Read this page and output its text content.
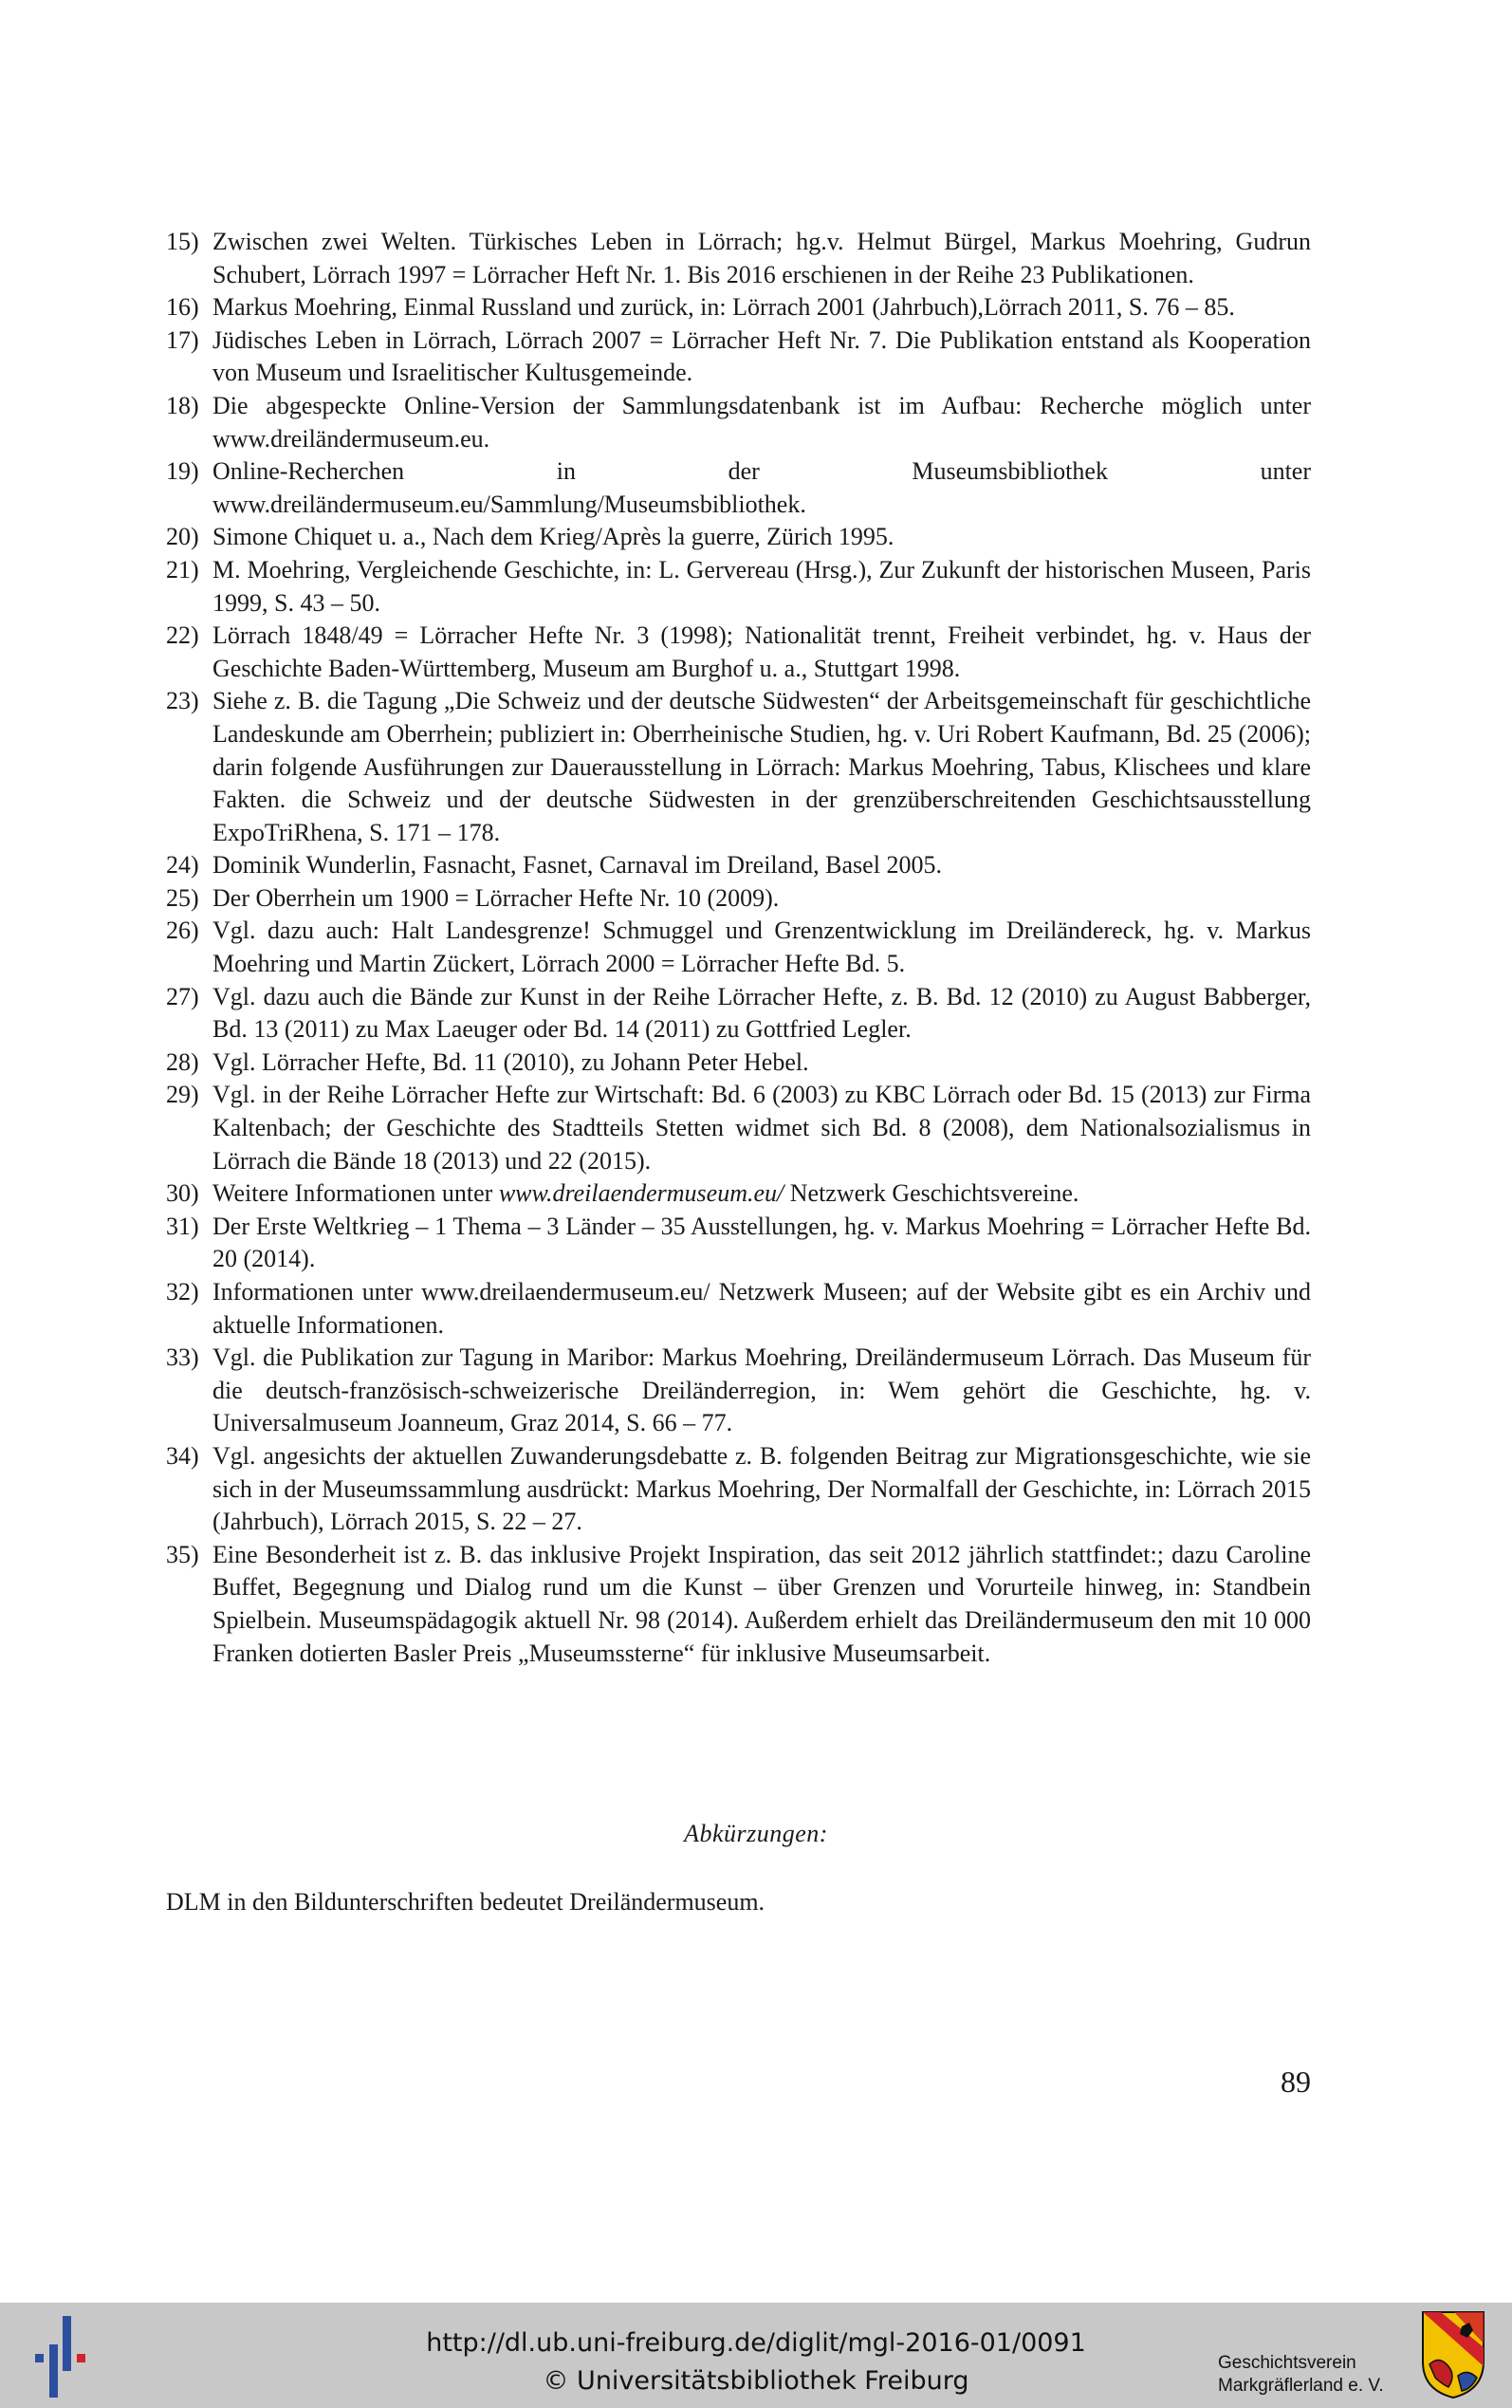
15) Zwischen zwei Welten. Türkisches Leben in Lörrach; hg.v. Helmut Bürgel, Markus Moehring, Gudrun Schubert, Lörrach 1997 = Lörracher Heft Nr. 1. Bis 2016 erschienen in der Reihe 23 Publikationen.
16) Markus Moehring, Einmal Russland und zurück, in: Lörrach 2001 (Jahrbuch),Lörrach 2011, S. 76 – 85.
17) Jüdisches Leben in Lörrach, Lörrach 2007 = Lörracher Heft Nr. 7. Die Publikation entstand als Kooperation von Museum und Israelitischer Kultusgemeinde.
18) Die abgespeckte Online-Version der Sammlungsdatenbank ist im Aufbau: Recherche möglich unter www.dreiländermuseum.eu.
19) Online-Recherchen in der Museumsbibliothek unter www.dreiländermuseum.eu/Sammlung/Museumsbibliothek.
20) Simone Chiquet u. a., Nach dem Krieg/Après la guerre, Zürich 1995.
21) M. Moehring, Vergleichende Geschichte, in: L. Gervereau (Hrsg.), Zur Zukunft der historischen Museen, Paris 1999, S. 43 – 50.
22) Lörrach 1848/49 = Lörracher Hefte Nr. 3 (1998); Nationalität trennt, Freiheit verbindet, hg. v. Haus der Geschichte Baden-Württemberg, Museum am Burghof u. a., Stuttgart 1998.
23) Siehe z. B. die Tagung „Die Schweiz und der deutsche Südwesten“ der Arbeitsgemeinschaft für geschichtliche Landeskunde am Oberrhein; publiziert in: Oberrheinische Studien, hg. v. Uri Robert Kaufmann, Bd. 25 (2006); darin folgende Ausführungen zur Dauerausstellung in Lörrach: Markus Moehring, Tabus, Klischees und klare Fakten. die Schweiz und der deutsche Südwesten in der grenzüberschreitenden Geschichtsausstellung ExpoTriRhena, S. 171 – 178.
24) Dominik Wunderlin, Fasnacht, Fasnet, Carnaval im Dreiland, Basel 2005.
25) Der Oberrhein um 1900 = Lörracher Hefte Nr. 10 (2009).
26) Vgl. dazu auch: Halt Landesgrenze! Schmuggel und Grenzentwicklung im Dreiländereck, hg. v. Markus Moehring und Martin Zückert, Lörrach 2000 = Lörracher Hefte Bd. 5.
27) Vgl. dazu auch die Bände zur Kunst in der Reihe Lörracher Hefte, z. B. Bd. 12 (2010) zu August Babberger, Bd. 13 (2011) zu Max Laeuger oder Bd. 14 (2011) zu Gottfried Legler.
28) Vgl. Lörracher Hefte, Bd. 11 (2010), zu Johann Peter Hebel.
29) Vgl. in der Reihe Lörracher Hefte zur Wirtschaft: Bd. 6 (2003) zu KBC Lörrach oder Bd. 15 (2013) zur Firma Kaltenbach; der Geschichte des Stadtteils Stetten widmet sich Bd. 8 (2008), dem Nationalsozialismus in Lörrach die Bände 18 (2013) und 22 (2015).
30) Weitere Informationen unter www.dreilaendermuseum.eu/ Netzwerk Geschichtsvereine.
31) Der Erste Weltkrieg – 1 Thema – 3 Länder – 35 Ausstellungen, hg. v. Markus Moehring = Lörracher Hefte Bd. 20 (2014).
32) Informationen unter www.dreilaendermuseum.eu/ Netzwerk Museen; auf der Website gibt es ein Archiv und aktuelle Informationen.
33) Vgl. die Publikation zur Tagung in Maribor: Markus Moehring, Dreiländermuseum Lörrach. Das Museum für die deutsch-französisch-schweizerische Dreiländerregion, in: Wem gehört die Geschichte, hg. v. Universalmuseum Joanneum, Graz 2014, S. 66 – 77.
34) Vgl. angesichts der aktuellen Zuwanderungsdebatte z. B. folgenden Beitrag zur Migrationsgeschichte, wie sie sich in der Museumssammlung ausdrückt: Markus Moehring, Der Normalfall der Geschichte, in: Lörrach 2015 (Jahrbuch), Lörrach 2015, S. 22 – 27.
35) Eine Besonderheit ist z. B. das inklusive Projekt Inspiration, das seit 2012 jährlich stattfindet:; dazu Caroline Buffet, Begegnung und Dialog rund um die Kunst – über Grenzen und Vorurteile hinweg, in: Standbein Spielbein. Museumspädagogik aktuell Nr. 98 (2014). Außerdem erhielt das Dreiländermuseum den mit 10 000 Franken dotierten Basler Preis „Museumssterne“ für inklusive Museumsarbeit.
Abkürzungen:
DLM in den Bildunterschriften bedeutet Dreiländermuseum.
89
http://dl.ub.uni-freiburg.de/diglit/mgl-2016-01/0091
© Universitätsbibliothek Freiburg
Geschichtsverein
Markgräflerland e. V.
